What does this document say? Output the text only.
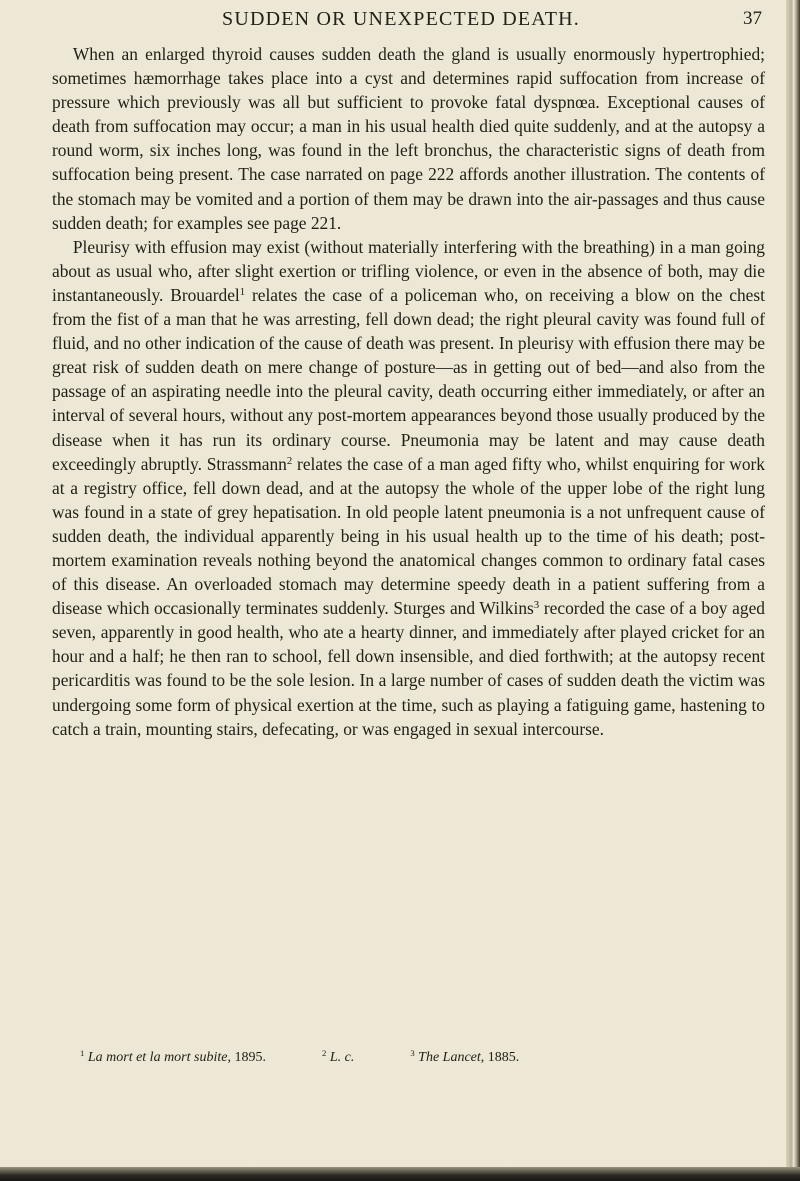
SUDDEN OR UNEXPECTED DEATH.	37

When an enlarged thyroid causes sudden death the gland is usually enormously hypertrophied; sometimes hæmorrhage takes place into a cyst and determines rapid suffocation from increase of pressure which previously was all but sufficient to provoke fatal dyspnœa. Exceptional causes of death from suffocation may occur; a man in his usual health died quite suddenly, and at the autopsy a round worm, six inches long, was found in the left bronchus, the characteristic signs of death from suffocation being present. The case narrated on page 222 affords another illustration. The contents of the stomach may be vomited and a portion of them may be drawn into the air-passages and thus cause sudden death; for examples see page 221.

Pleurisy with effusion may exist (without materially interfering with the breathing) in a man going about as usual who, after slight exertion or trifling violence, or even in the absence of both, may die instantaneously. Brouardel$^1$ relates the case of a policeman who, on receiving a blow on the chest from the fist of a man that he was arresting, fell down dead; the right pleural cavity was found full of fluid, and no other indication of the cause of death was present. In pleurisy with effusion there may be great risk of sudden death on mere change of posture—as in getting out of bed—and also from the passage of an aspirating needle into the pleural cavity, death occurring either immediately, or after an interval of several hours, without any post-mortem appearances beyond those usually produced by the disease when it has run its ordinary course. Pneumonia may be latent and may cause death exceedingly abruptly. Strassmann$^2$ relates the case of a man aged fifty who, whilst enquiring for work at a registry office, fell down dead, and at the autopsy the whole of the upper lobe of the right lung was found in a state of grey hepatisation. In old people latent pneumonia is a not unfrequent cause of sudden death, the individual apparently being in his usual health up to the time of his death; post-mortem examination reveals nothing beyond the anatomical changes common to ordinary fatal cases of this disease. An overloaded stomach may determine speedy death in a patient suffering from a disease which occasionally terminates suddenly. Sturges and Wilkins$^3$ recorded the case of a boy aged seven, apparently in good health, who ate a hearty dinner, and immediately after played cricket for an hour and a half; he then ran to school, fell down insensible, and died forthwith; at the autopsy recent pericarditis was found to be the sole lesion. In a large number of cases of sudden death the victim was undergoing some form of physical exertion at the time, such as playing a fatiguing game, hastening to catch a train, mounting stairs, defecating, or was engaged in sexual intercourse.

$^1$ La mort et la mort subite, 1895.	$^2$ L. c.	$^3$ The Lancet, 1885.
